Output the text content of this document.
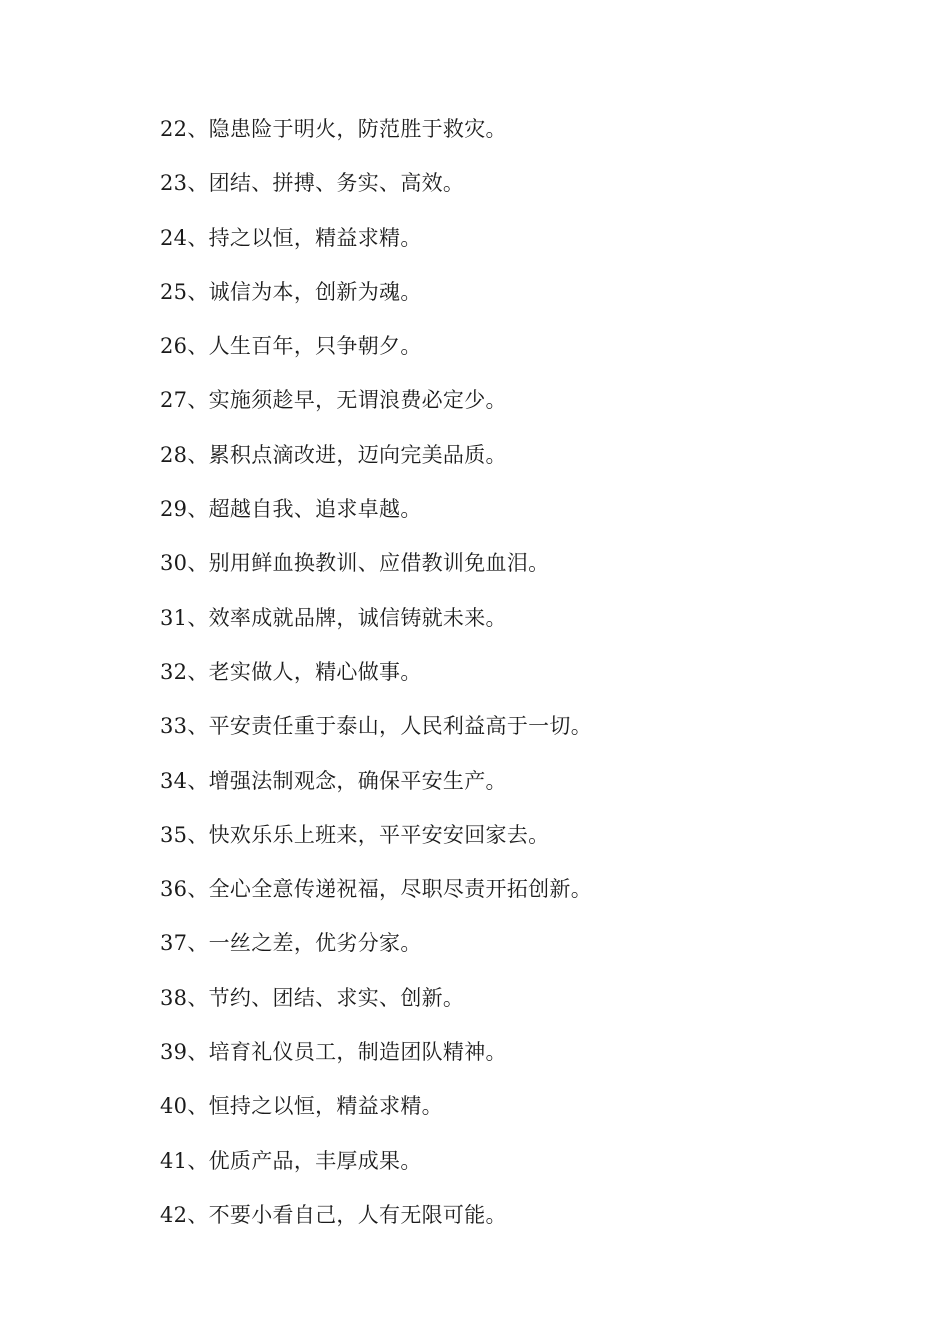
22、隐患险于明火，防范胜于救灾。
23、团结、拼搏、务实、高效。
24、持之以恒，精益求精。
25、诚信为本，创新为魂。
26、人生百年，只争朝夕。
27、实施须趁早，无谓浪费必定少。
28、累积点滴改进，迈向完美品质。
29、超越自我、追求卓越。
30、别用鲜血换教训、应借教训免血泪。
31、效率成就品牌，诚信铸就未来。
32、老实做人，精心做事。
33、平安责任重于泰山，人民利益高于一切。
34、增强法制观念，确保平安生产。
35、快欢乐乐上班来，平平安安回家去。
36、全心全意传递祝福，尽职尽责开拓创新。
37、一丝之差，优劣分家。
38、节约、团结、求实、创新。
39、培育礼仪员工，制造团队精神。
40、恒持之以恒，精益求精。
41、优质产品，丰厚成果。
42、不要小看自己，人有无限可能。
